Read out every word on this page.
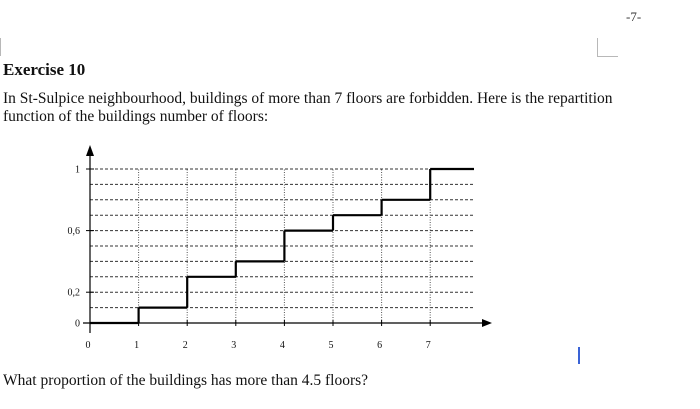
-7-
Exercise 10

In St-Sulpice neighbourhood, buildings of more than 7 floors are forbidden. Here is the repartition function of the buildings number of floors:

0
0,2
0,6
1
0	1	2	3	4	5	6	7

What proportion of the buildings has more than 4.5 floors?
